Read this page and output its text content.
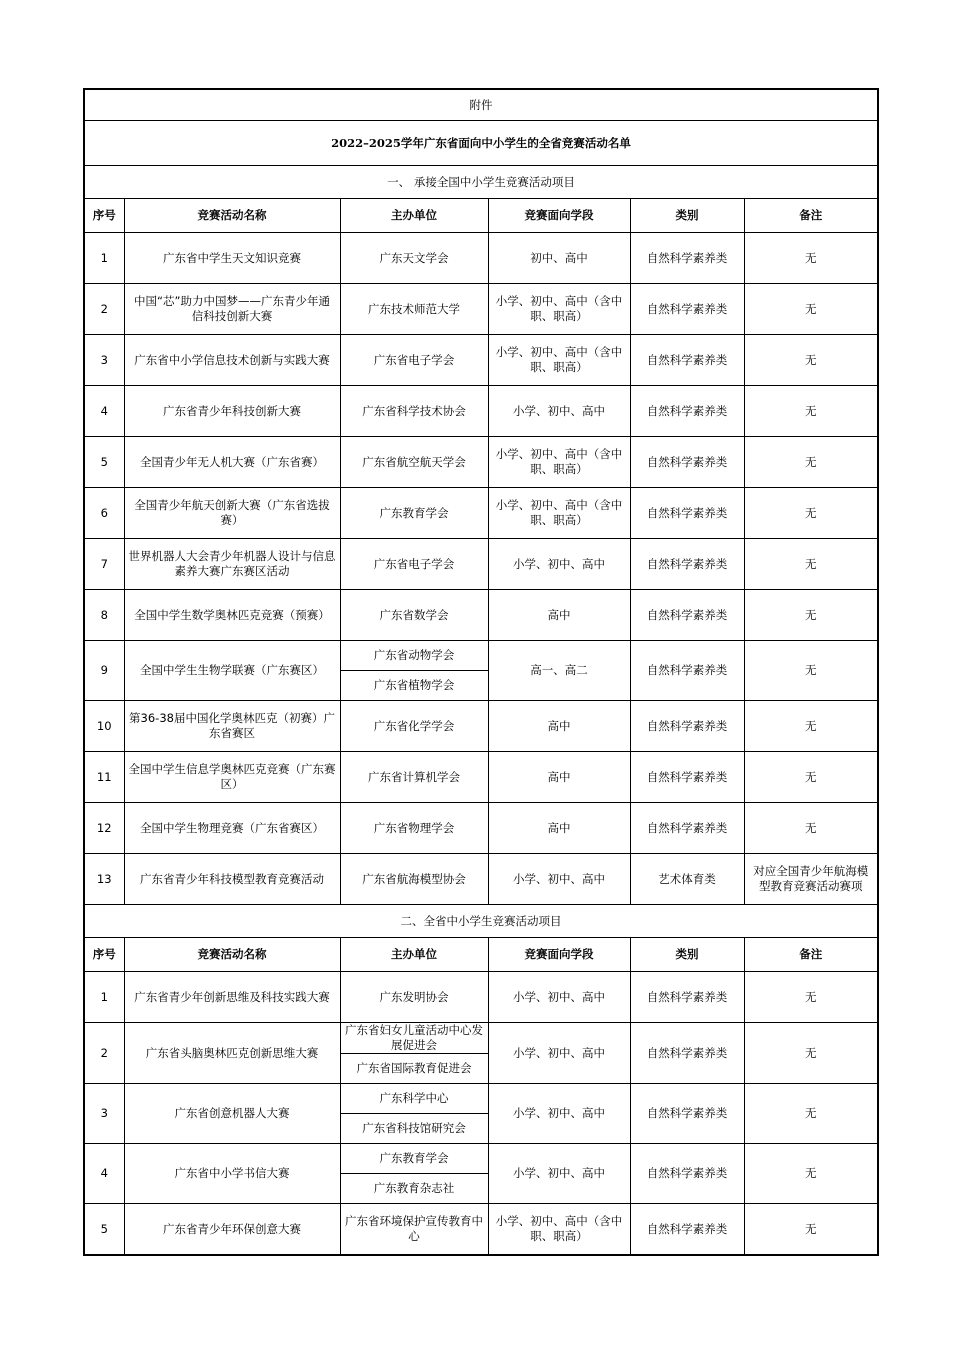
附件					
2022–2025学年广东省面向中小学生的全省竞赛活动名单					
一、 承接全国中小学生竞赛活动项目					
序号	竞赛活动名称	主办单位	竞赛面向学段	类别	备注
1	广东省中学生天文知识竞赛	广东天文学会	初中、高中	自然科学素养类	无
2	中国“芯”助力中国梦——广东青少年通信科技创新大赛	广东技术师范大学	小学、初中、高中（含中职、职高）	自然科学素养类	无
3	广东省中小学信息技术创新与实践大赛	广东省电子学会	小学、初中、高中（含中职、职高）	自然科学素养类	无
4	广东省青少年科技创新大赛	广东省科学技术协会	小学、初中、高中	自然科学素养类	无
5	全国青少年无人机大赛（广东省赛）	广东省航空航天学会	小学、初中、高中（含中职、职高）	自然科学素养类	无
6	全国青少年航天创新大赛（广东省选拔赛）	广东教育学会	小学、初中、高中（含中职、职高）	自然科学素养类	无
7	世界机器人大会青少年机器人设计与信息素养大赛广东赛区活动	广东省电子学会	小学、初中、高中	自然科学素养类	无
8	全国中学生数学奥林匹克竞赛（预赛）	广东省数学会	高中	自然科学素养类	无
9	全国中学生生物学联赛（广东赛区）	广东省动物学会	高一、高二	自然科学素养类	无
		广东省植物学会			
10	第36-38届中国化学奥林匹克（初赛）广东省赛区	广东省化学学会	高中	自然科学素养类	无
11	全国中学生信息学奥林匹克竞赛（广东赛区）	广东省计算机学会	高中	自然科学素养类	无
12	全国中学生物理竞赛（广东省赛区）	广东省物理学会	高中	自然科学素养类	无
13	广东省青少年科技模型教育竞赛活动	广东省航海模型协会	小学、初中、高中	艺术体育类	对应全国青少年航海模型教育竞赛活动赛项
二、全省中小学生竞赛活动项目					
序号	竞赛活动名称	主办单位	竞赛面向学段	类别	备注
1	广东省青少年创新思维及科技实践大赛	广东发明协会	小学、初中、高中	自然科学素养类	无
2	广东省头脑奥林匹克创新思维大赛	广东省妇女儿童活动中心发展促进会	小学、初中、高中	自然科学素养类	无
		广东省国际教育促进会			
3	广东省创意机器人大赛	广东科学中心	小学、初中、高中	自然科学素养类	无
		广东省科技馆研究会			
4	广东省中小学书信大赛	广东教育学会	小学、初中、高中	自然科学素养类	无
		广东教育杂志社			
5	广东省青少年环保创意大赛	广东省环境保护宣传教育中心	小学、初中、高中（含中职、职高）	自然科学素养类	无
